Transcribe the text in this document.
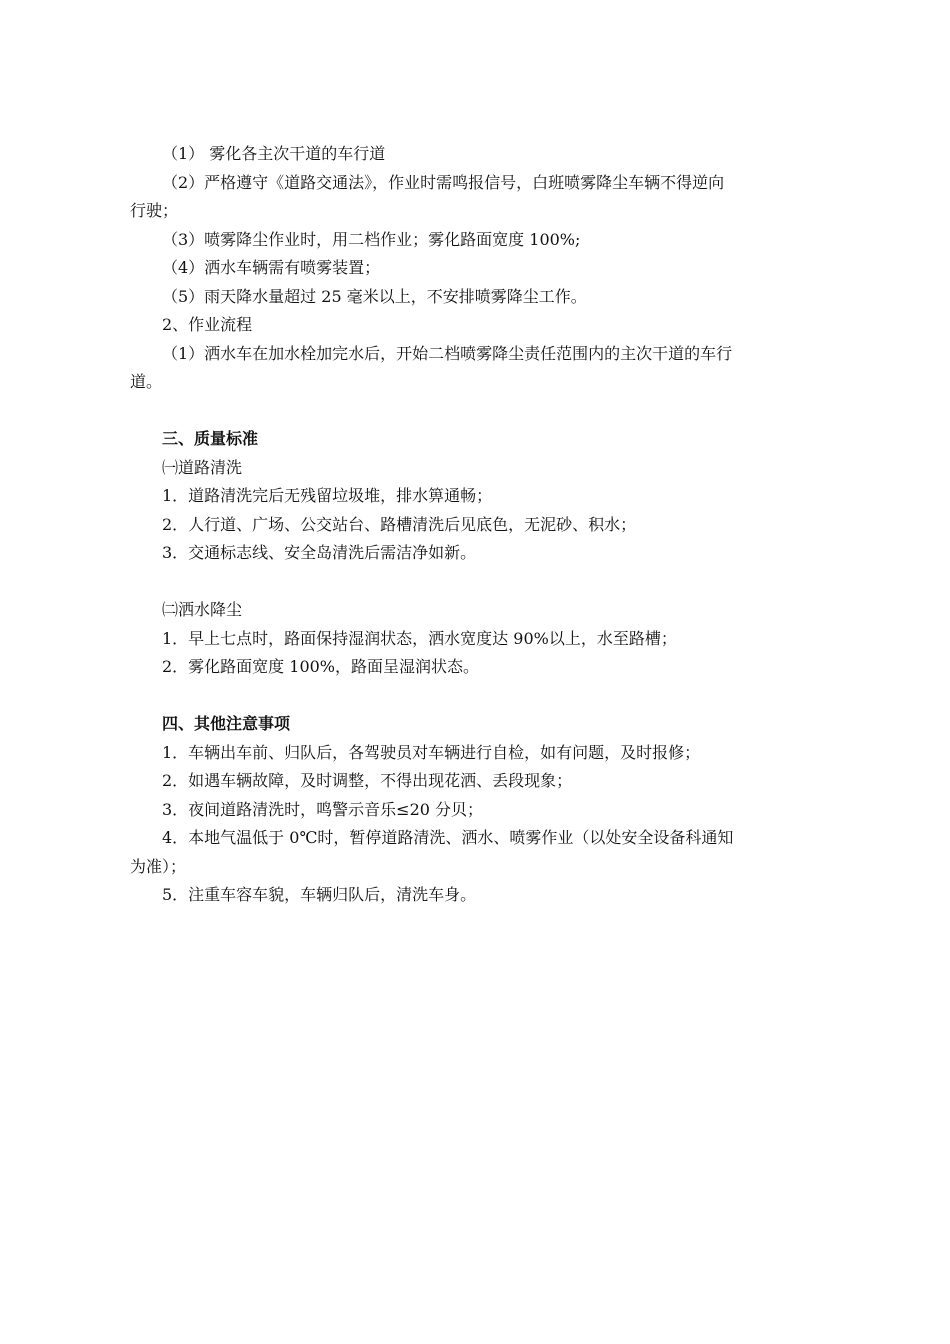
（1） 雾化各主次干道的车行道
（2）严格遵守《道路交通法》，作业时需鸣报信号，白班喷雾降尘车辆不得逆向
行驶；
（3）喷雾降尘作业时，用二档作业；雾化路面宽度 100%;
（4）洒水车辆需有喷雾装置；
（5）雨天降水量超过 25 毫米以上，不安排喷雾降尘工作。
2、作业流程
（1）洒水车在加水栓加完水后，开始二档喷雾降尘责任范围内的主次干道的车行
道。
三、质量标准
㈠道路清洗
1．道路清洗完后无残留垃圾堆，排水箅通畅；
2．人行道、广场、公交站台、路槽清洗后见底色，无泥砂、积水；
3．交通标志线、安全岛清洗后需洁净如新。
㈡洒水降尘
1．早上七点时，路面保持湿润状态，洒水宽度达 90%以上，水至路槽；
2．雾化路面宽度 100%，路面呈湿润状态。
四、其他注意事项
1．车辆出车前、归队后，各驾驶员对车辆进行自检，如有问题，及时报修；
2．如遇车辆故障，及时调整，不得出现花洒、丢段现象；
3．夜间道路清洗时，鸣警示音乐≤20 分贝；
4．本地气温低于 0℃时，暂停道路清洗、洒水、喷雾作业（以处安全设备科通知
为准）；
5．注重车容车貌，车辆归队后，清洗车身。
